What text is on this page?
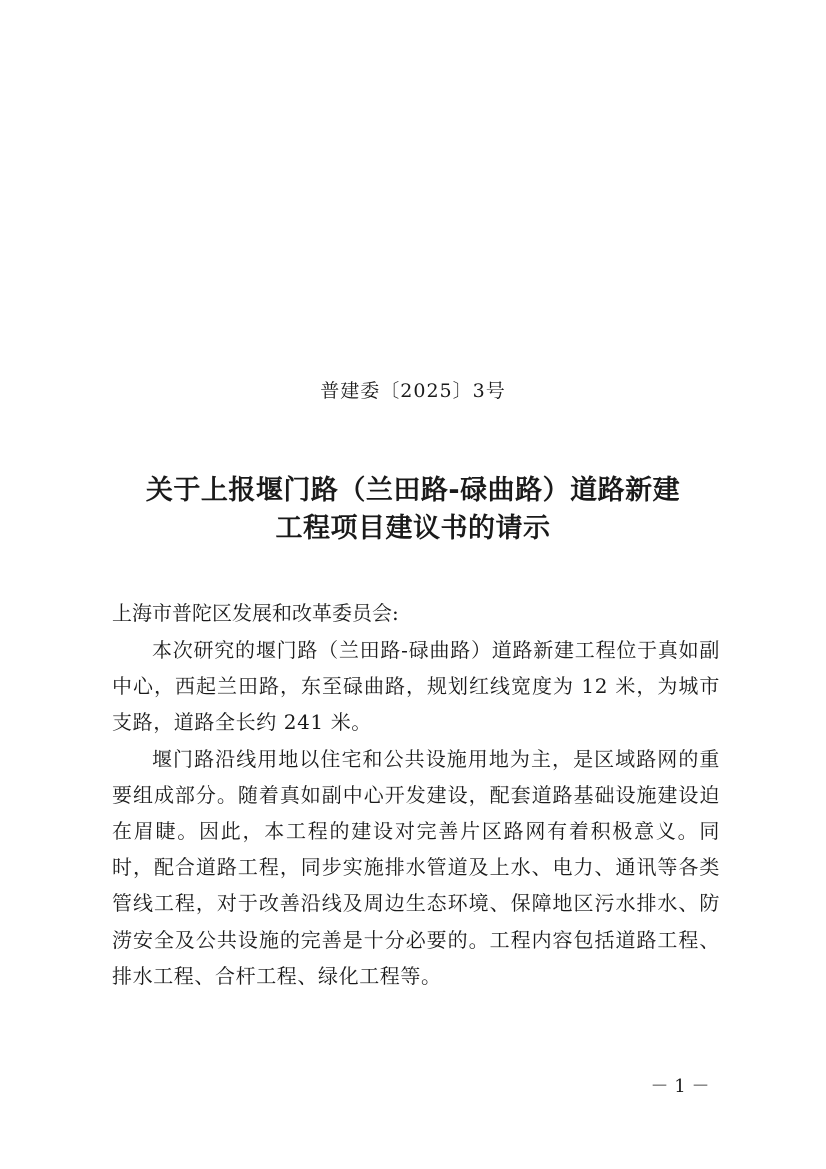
普建委〔2025〕3号
关于上报堰门路（兰田路-碌曲路）道路新建
工程项目建议书的请示

上海市普陀区发展和改革委员会:

本次研究的堰门路（兰田路-碌曲路）道路新建工程位于真如副中心，西起兰田路，东至碌曲路，规划红线宽度为 12 米，为城市支路，道路全长约 241 米。

堰门路沿线用地以住宅和公共设施用地为主，是区域路网的重要组成部分。随着真如副中心开发建设，配套道路基础设施建设迫在眉睫。因此，本工程的建设对完善片区路网有着积极意义。同时，配合道路工程，同步实施排水管道及上水、电力、通讯等各类管线工程，对于改善沿线及周边生态环境、保障地区污水排水、防涝安全及公共设施的完善是十分必要的。工程内容包括道路工程、排水工程、合杆工程、绿化工程等。

－ 1 －
